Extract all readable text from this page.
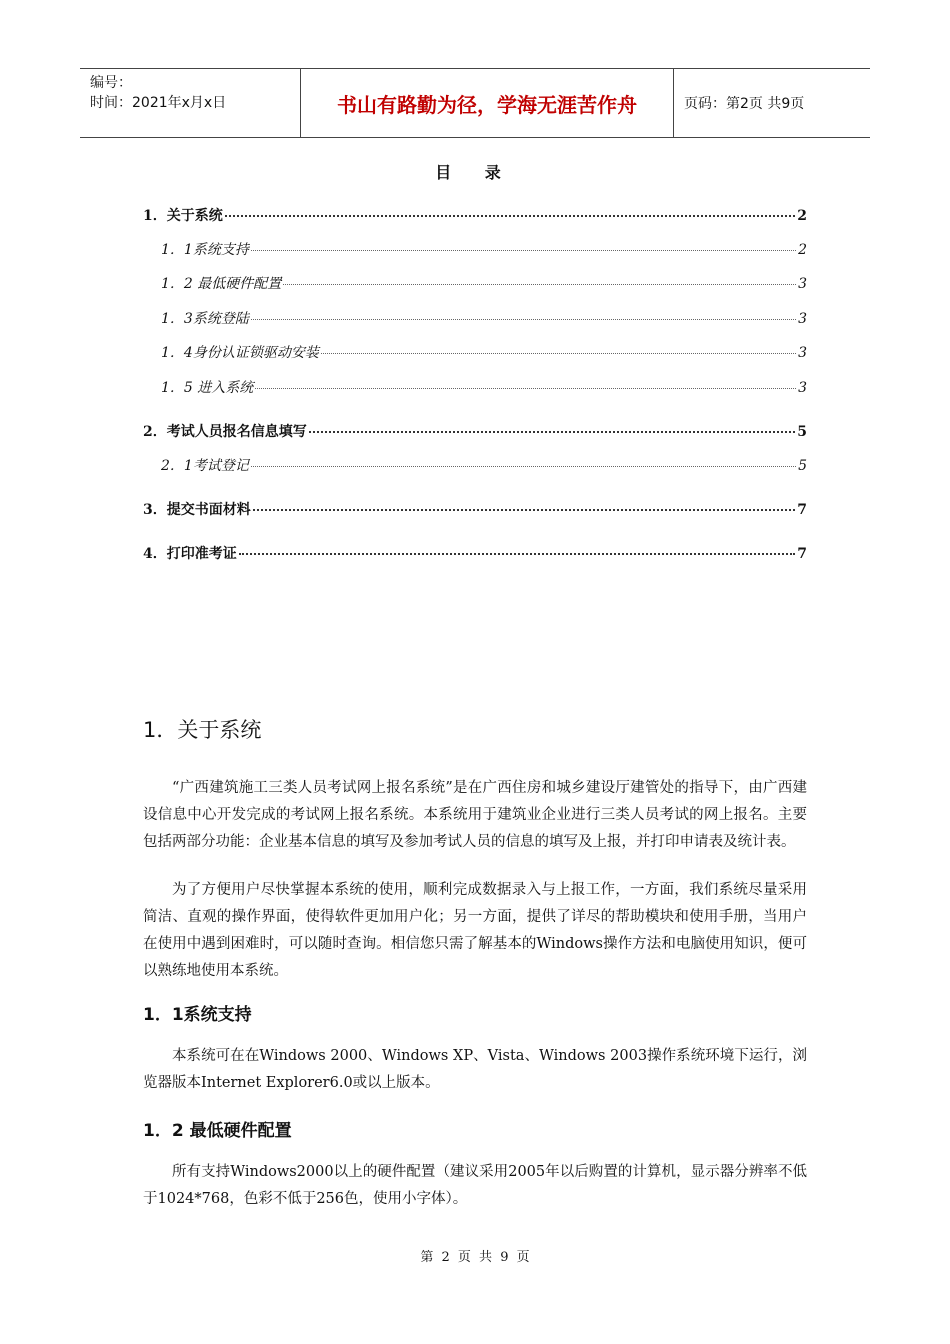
编号：
时间：2021年x月x日	书山有路勤为径，学海无涯苦作舟	页码：第2页 共9页
目 录
1．关于系统	2
1．1系统支持	2
1．2 最低硬件配置	3
1．3系统登陆	3
1．4身份认证锁驱动安装	3
1．5 进入系统	3
2．考试人员报名信息填写	5
2．1考试登记	5
3．提交书面材料	7
4．打印准考证	7
1．关于系统
“广西建筑施工三类人员考试网上报名系统”是在广西住房和城乡建设厅建管处的指导下，由广西建设信息中心开发完成的考试网上报名系统。本系统用于建筑业企业进行三类人员考试的网上报名。主要包括两部分功能：企业基本信息的填写及参加考试人员的信息的填写及上报，并打印申请表及统计表。
为了方便用户尽快掌握本系统的使用，顺利完成数据录入与上报工作，一方面，我们系统尽量采用简洁、直观的操作界面，使得软件更加用户化；另一方面，提供了详尽的帮助模块和使用手册，当用户在使用中遇到困难时，可以随时查询。相信您只需了解基本的Windows操作方法和电脑使用知识，便可以熟练地使用本系统。
1．1系统支持
本系统可在在Windows 2000、Windows XP、Vista、Windows 2003操作系统环境下运行，浏览器版本Internet Explorer6.0或以上版本。
1．2 最低硬件配置
所有支持Windows2000以上的硬件配置（建议采用2005年以后购置的计算机，显示器分辨率不低于1024*768，色彩不低于256色，使用小字体）。
第 2 页 共 9 页
